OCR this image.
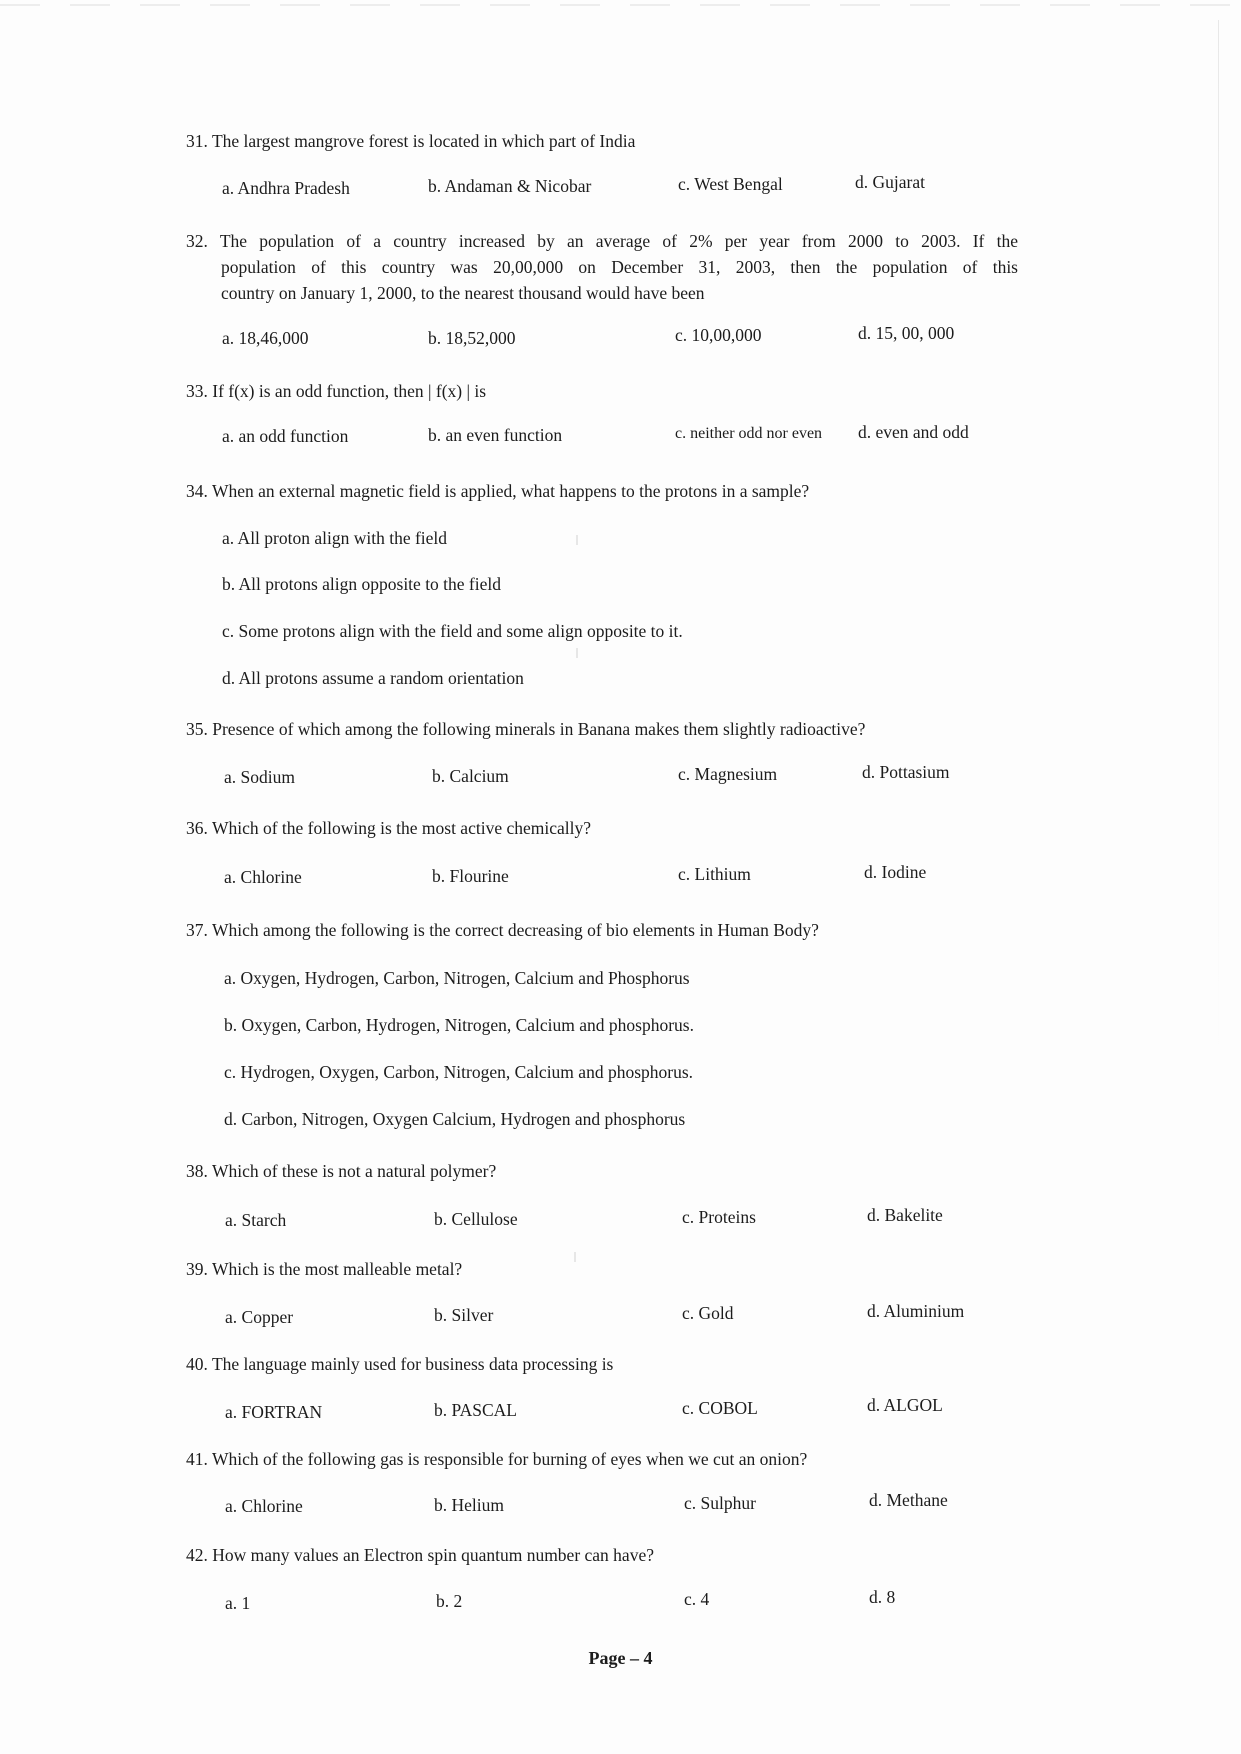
31. The largest mangrove forest is located in which part of India
a. Andhra Pradesh	b. Andaman & Nicobar	c. West Bengal	d. Gujarat
32. The population of a country increased by an average of 2% per year from 2000 to 2003. If the
population of this country was 20,00,000 on December 31, 2003, then the population of this
country on January 1, 2000, to the nearest thousand would have been
a. 18,46,000	b. 18,52,000	c. 10,00,000	d. 15, 00, 000
33. If f(x) is an odd function, then | f(x) | is
a. an odd function	b. an even function	c. neither odd nor even d. even and odd
34. When an external magnetic field is applied, what happens to the protons in a sample?
a. All proton align with the field
b. All protons align opposite to the field
c. Some protons align with the field and some align opposite to it.
d. All protons assume a random orientation
35. Presence of which among the following minerals in Banana makes them slightly radioactive?
a. Sodium	b. Calcium	c. Magnesium	d. Pottasium
36. Which of the following is the most active chemically?
a. Chlorine	b. Flourine	c. Lithium	d. Iodine
37. Which among the following is the correct decreasing of bio elements in Human Body?
a. Oxygen, Hydrogen, Carbon, Nitrogen, Calcium and Phosphorus
b. Oxygen, Carbon, Hydrogen, Nitrogen, Calcium and phosphorus.
c. Hydrogen, Oxygen, Carbon, Nitrogen, Calcium and phosphorus.
d. Carbon, Nitrogen, Oxygen Calcium, Hydrogen and phosphorus
38. Which of these is not a natural polymer?
a. Starch	b. Cellulose	c. Proteins	d. Bakelite
39. Which is the most malleable metal?
a. Copper	b. Silver	c. Gold	d. Aluminium
40. The language mainly used for business data processing is
a. FORTRAN	b. PASCAL	c. COBOL	d. ALGOL
41. Which of the following gas is responsible for burning of eyes when we cut an onion?
a. Chlorine	b. Helium	c. Sulphur	d. Methane
42. How many values an Electron spin quantum number can have?
a. 1	b. 2	c. 4	d. 8
Page – 4
